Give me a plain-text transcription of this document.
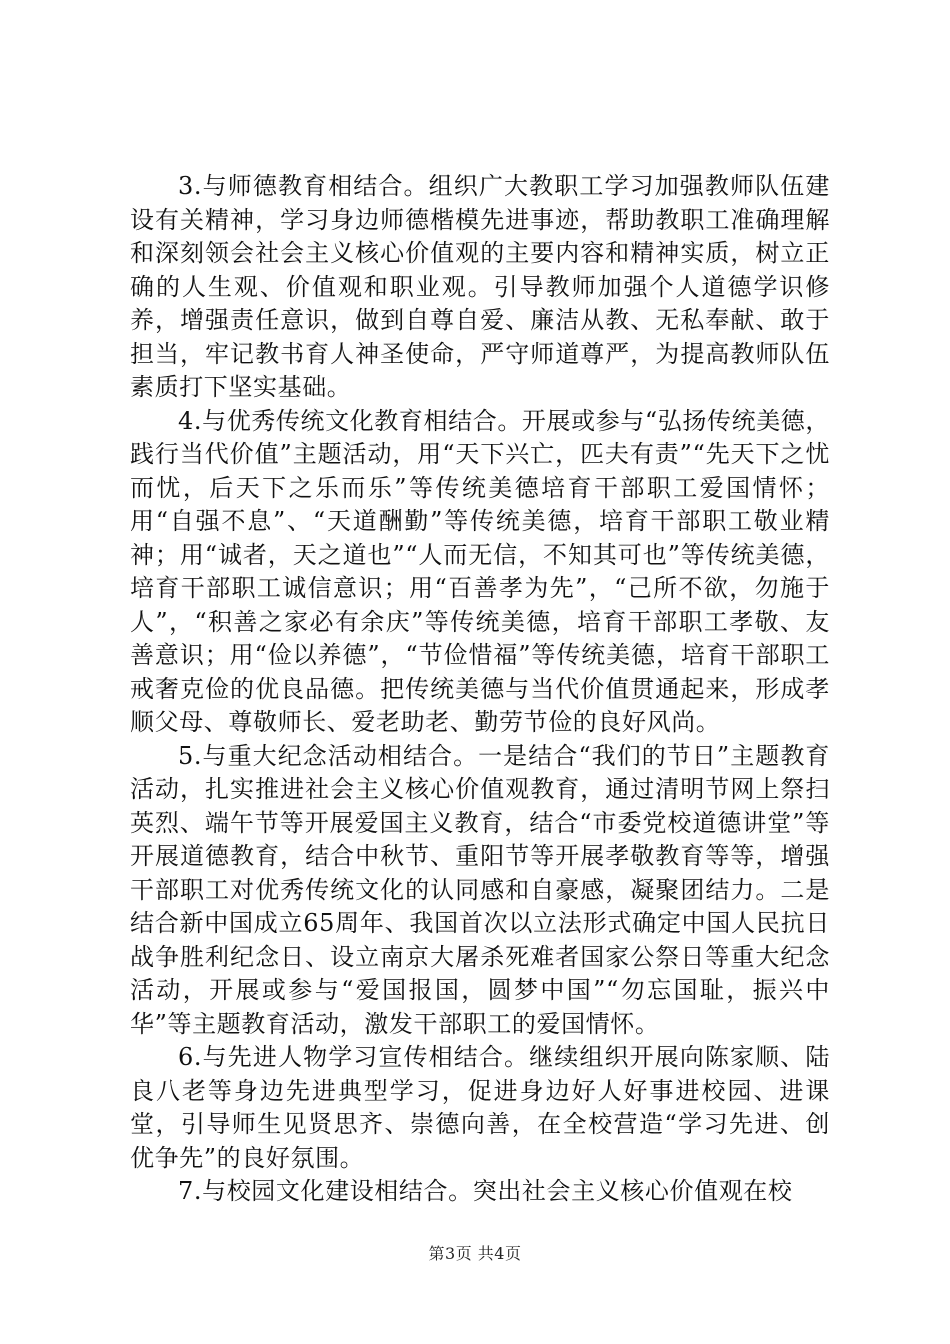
3.与师德教育相结合。组织广大教职工学习加强教师队伍建设有关精神，学习身边师德楷模先进事迹，帮助教职工准确理解和深刻领会社会主义核心价值观的主要内容和精神实质，树立正确的人生观、价值观和职业观。引导教师加强个人道德学识修养，增强责任意识，做到自尊自爱、廉洁从教、无私奉献、敢于担当，牢记教书育人神圣使命，严守师道尊严，为提高教师队伍素质打下坚实基础。

4.与优秀传统文化教育相结合。开展或参与“弘扬传统美德，践行当代价值”主题活动，用“天下兴亡，匹夫有责”“先天下之忧而忧，后天下之乐而乐”等传统美德培育干部职工爱国情怀；用“自强不息”、“天道酬勤”等传统美德，培育干部职工敬业精神；用“诚者，天之道也”“人而无信，不知其可也”等传统美德，培育干部职工诚信意识；用“百善孝为先”，“己所不欲，勿施于人”，“积善之家必有余庆”等传统美德，培育干部职工孝敬、友善意识；用“俭以养德”，“节俭惜福”等传统美德，培育干部职工戒奢克俭的优良品德。把传统美德与当代价值贯通起来，形成孝顺父母、尊敬师长、爱老助老、勤劳节俭的良好风尚。

5.与重大纪念活动相结合。一是结合“我们的节日”主题教育活动，扎实推进社会主义核心价值观教育，通过清明节网上祭扫英烈、端午节等开展爱国主义教育，结合“市委党校道德讲堂”等开展道德教育，结合中秋节、重阳节等开展孝敬教育等等，增强干部职工对优秀传统文化的认同感和自豪感，凝聚团结力。二是结合新中国成立65周年、我国首次以立法形式确定中国人民抗日战争胜利纪念日、设立南京大屠杀死难者国家公祭日等重大纪念活动，开展或参与“爱国报国，圆梦中国”“勿忘国耻，振兴中华”等主题教育活动，激发干部职工的爱国情怀。

6.与先进人物学习宣传相结合。继续组织开展向陈家顺、陆良八老等身边先进典型学习，促进身边好人好事进校园、进课堂，引导师生见贤思齐、崇德向善，在全校营造“学习先进、创优争先”的良好氛围。

7.与校园文化建设相结合。突出社会主义核心价值观在校

第3页 共4页
